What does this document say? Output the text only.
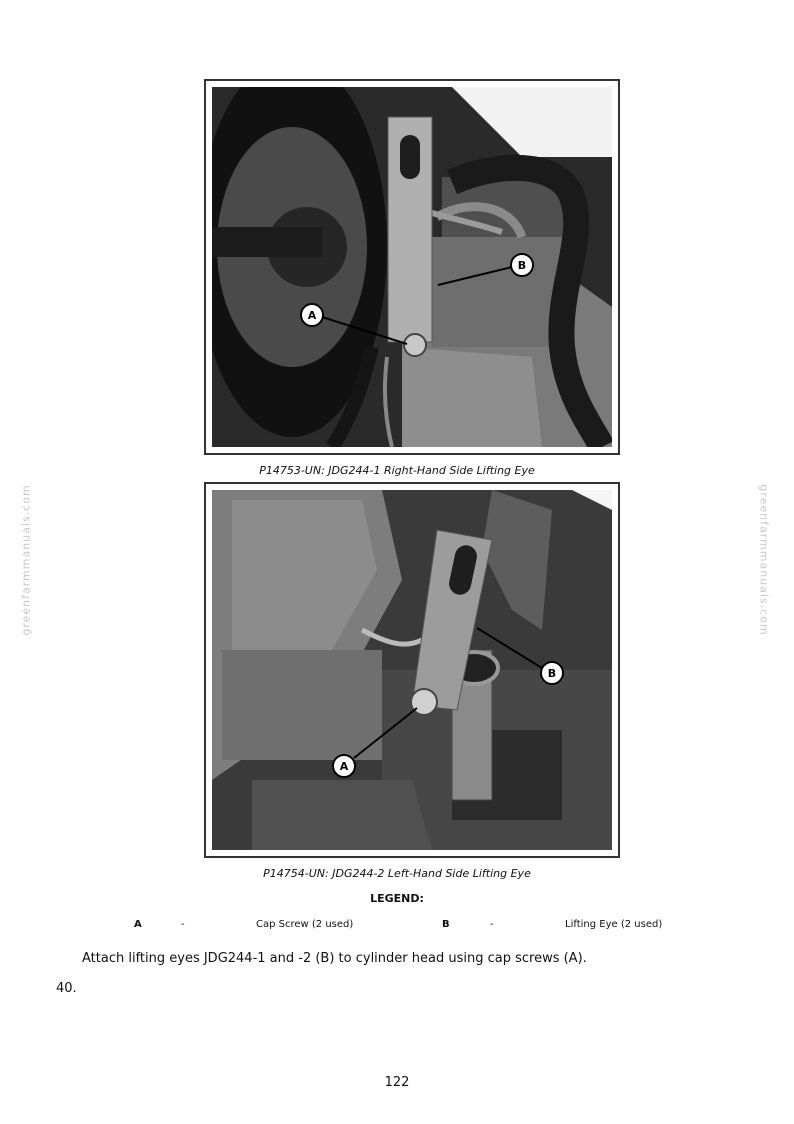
greenfarmmanuals.com	greenfarmmanuals.com
A
B
P14753-UN: JDG244-1 Right-Hand Side Lifting Eye
A
B
P14754-UN: JDG244-2 Left-Hand Side Lifting Eye
LEGEND:
A	-	Cap Screw (2 used)	B	-	Lifting Eye (2 used)
Attach lifting eyes JDG244-1 and -2 (B) to cylinder head using cap screws (A).
40.
122
